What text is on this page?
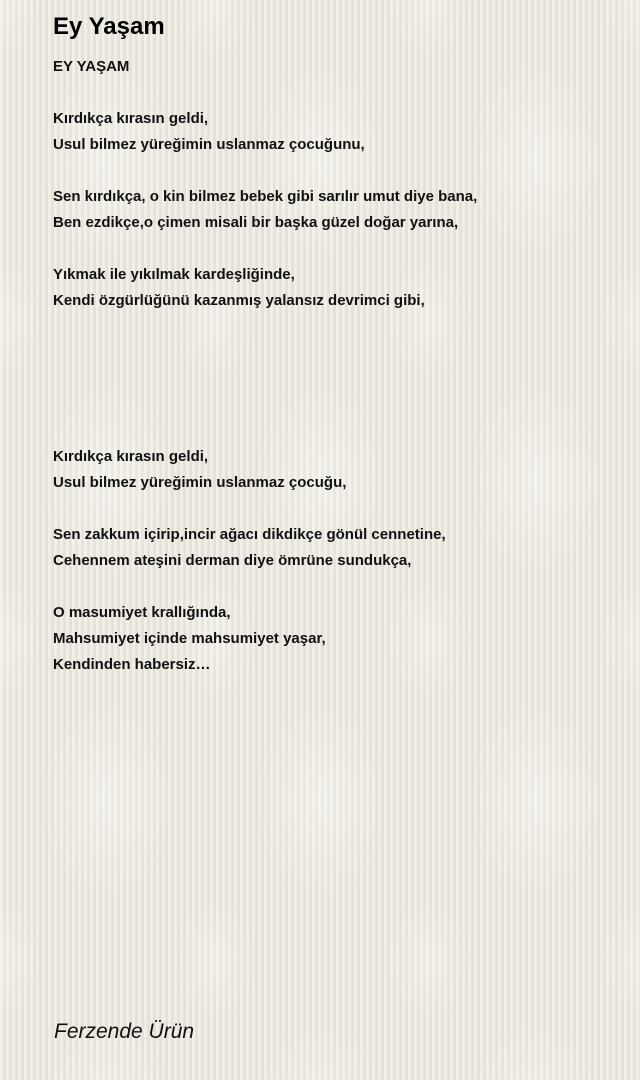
Ey Yaşam
EY YAŞAM
Kırdıkça kırasın geldi,
Usul bilmez yüreğimin uslanmaz çocuğunu,
Sen kırdıkça, o kin bilmez bebek gibi sarılır umut diye bana,
Ben ezdikçe,o çimen misali bir başka güzel doğar yarına,
Yıkmak ile yıkılmak kardeşliğinde,
Kendi özgürlüğünü kazanmış yalansız devrimci gibi,
Kırdıkça kırasın geldi,
Usul bilmez yüreğimin uslanmaz çocuğu,
Sen zakkum içirip,incir ağacı dikdikçe gönül cennetine,
Cehennem ateşini derman diye ömrüne sundukça,
O masumiyet krallığında,
Mahsumiyet içinde mahsumiyet yaşar,
Kendinden habersiz…
Ferzende Ürün
